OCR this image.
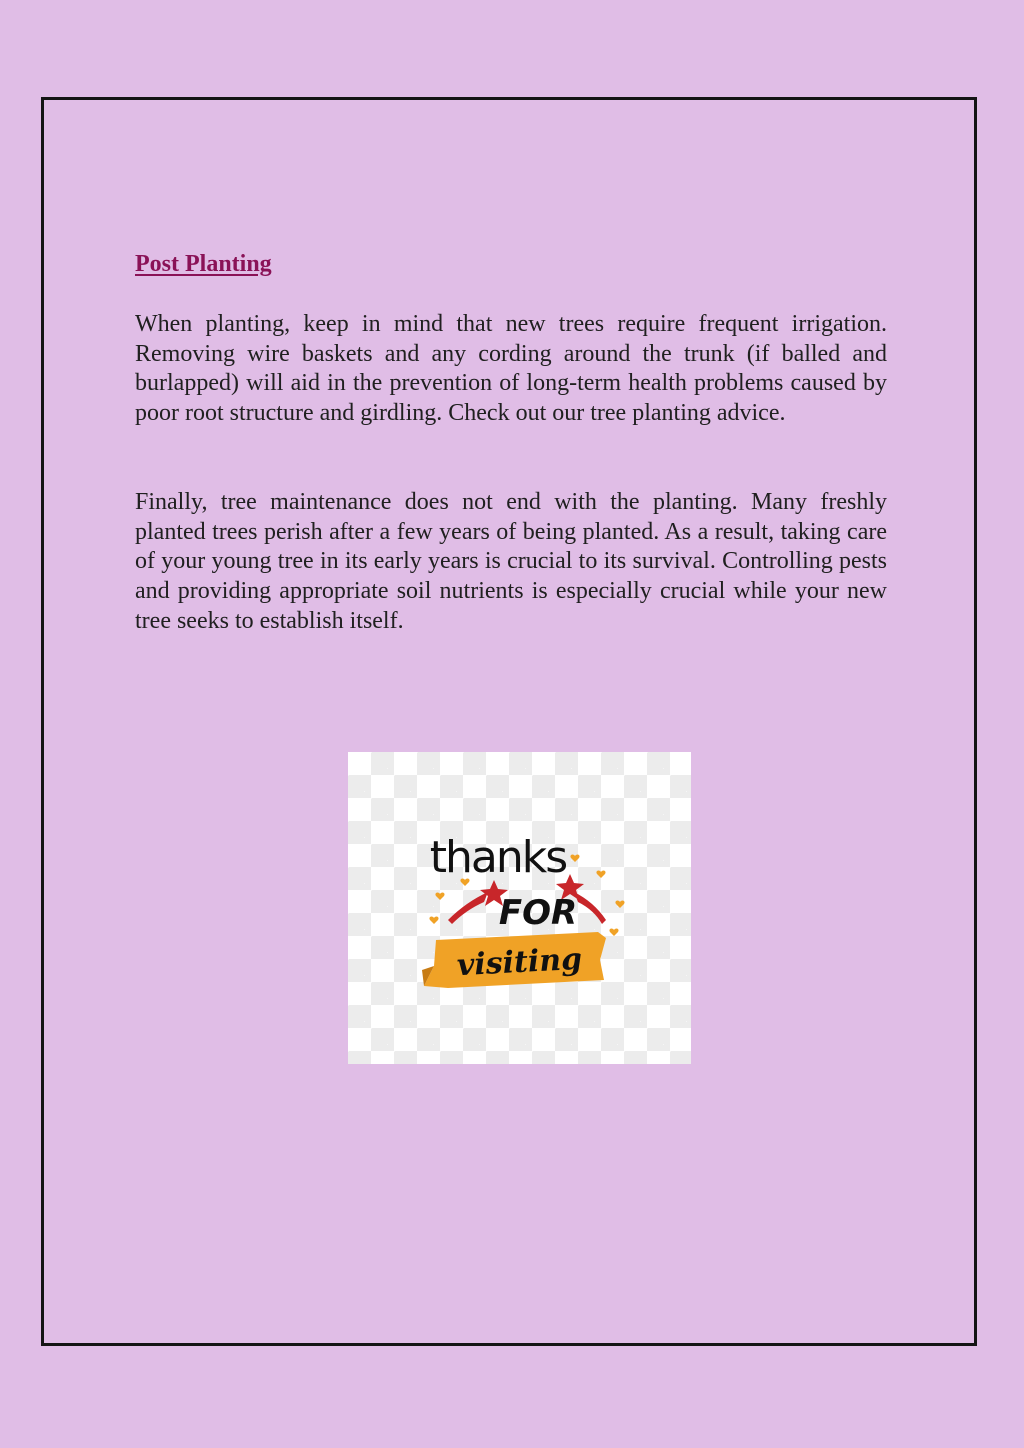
Post Planting

When planting, keep in mind that new trees require frequent irrigation. Removing wire baskets and any cording around the trunk (if balled and burlapped) will aid in the prevention of long-term health problems caused by poor root structure and girdling. Check out our tree planting advice.

Finally, tree maintenance does not end with the planting. Many freshly planted trees perish after a few years of being planted. As a result, taking care of your young tree in its early years is crucial to its survival. Controlling pests and providing appropriate soil nutrients is especially crucial while your new tree seeks to establish itself.

thanks
FOR
visiting
